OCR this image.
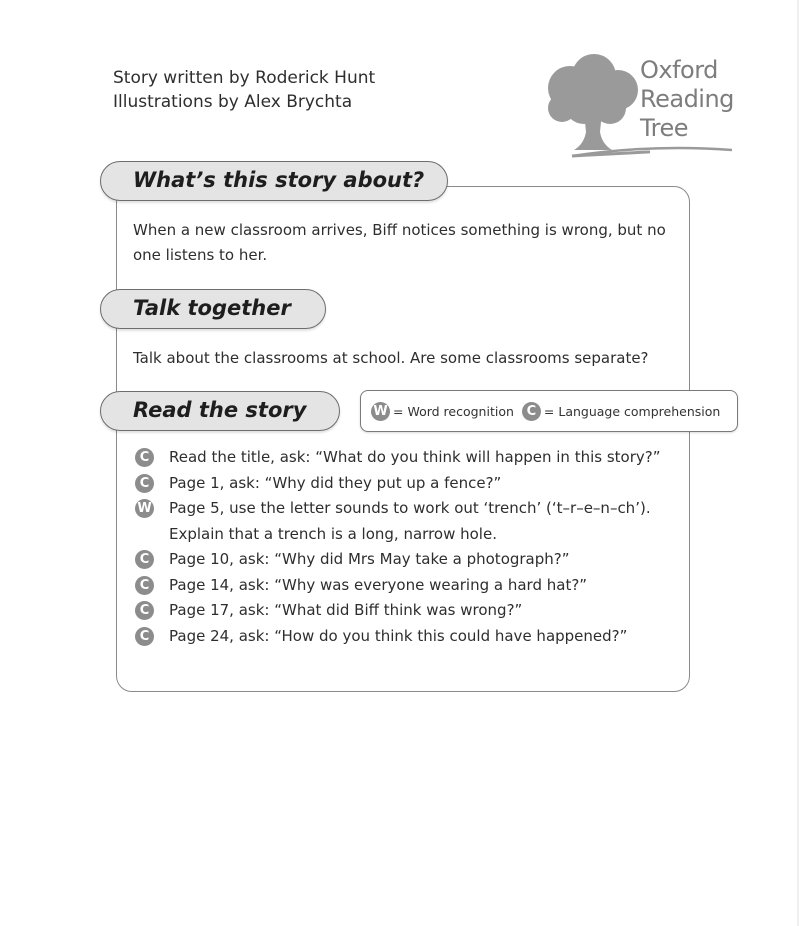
Story written by Roderick Hunt
Illustrations by Alex Brychta
Oxford
Reading
Tree
What’s this story about?
When a new classroom arrives, Biff notices something is wrong, but no one listens to her.
Talk together
Talk about the classrooms at school. Are some classrooms separate?
Read the story	W = Word recognition C = Language comprehension
C	Read the title, ask: “What do you think will happen in this story?”
C	Page 1, ask: “Why did they put up a fence?”
W Page 5, use the letter sounds to work out ‘trench’ (‘t–r–e–n–ch’). Explain that a trench is a long, narrow hole.
C	Page 10, ask: “Why did Mrs May take a photograph?”
C	Page 14, ask: “Why was everyone wearing a hard hat?”
C	Page 17, ask: “What did Biff think was wrong?”
C	Page 24, ask: “How do you think this could have happened?”
